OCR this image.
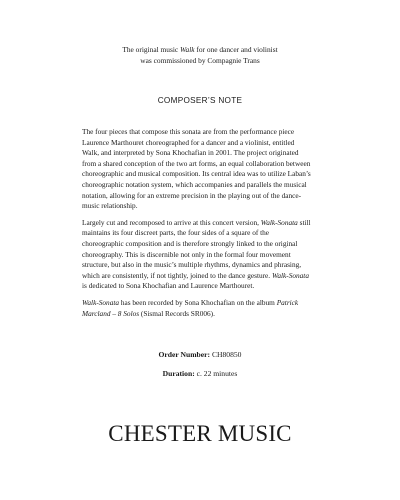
The original music Walk for one dancer and violinist
was commissioned by Compagnie Trans
COMPOSER’S NOTE

The four pieces that compose this sonata are from the performance piece
Laurence Marthouret choreographed for a dancer and a violinist, entitled
Walk, and interpreted by Sona Khochafian in 2001. The project originated
from a shared conception of the two art forms, an equal collaboration between
choreographic and musical composition. Its central idea was to utilize Laban’s
choreographic notation system, which accompanies and parallels the musical
notation, allowing for an extreme precision in the playing out of the dance-
music relationship.

Largely cut and recomposed to arrive at this concert version, Walk-Sonata still
maintains its four discreet parts, the four sides of a square of the
choreographic composition and is therefore strongly linked to the original
choreography. This is discernible not only in the formal four movement
structure, but also in the music’s multiple rhythms, dynamics and phrasing,
which are consistently, if not tightly, joined to the dance gesture. Walk-Sonata
is dedicated to Sona Khochafian and Laurence Marthouret.

Walk-Sonata has been recorded by Sona Khochafian on the album Patrick
Marcland – 8 Solos (Sismal Records SR006).

Order Number: CH80850
Duration: c. 22 minutes
CHESTER MUSIC
